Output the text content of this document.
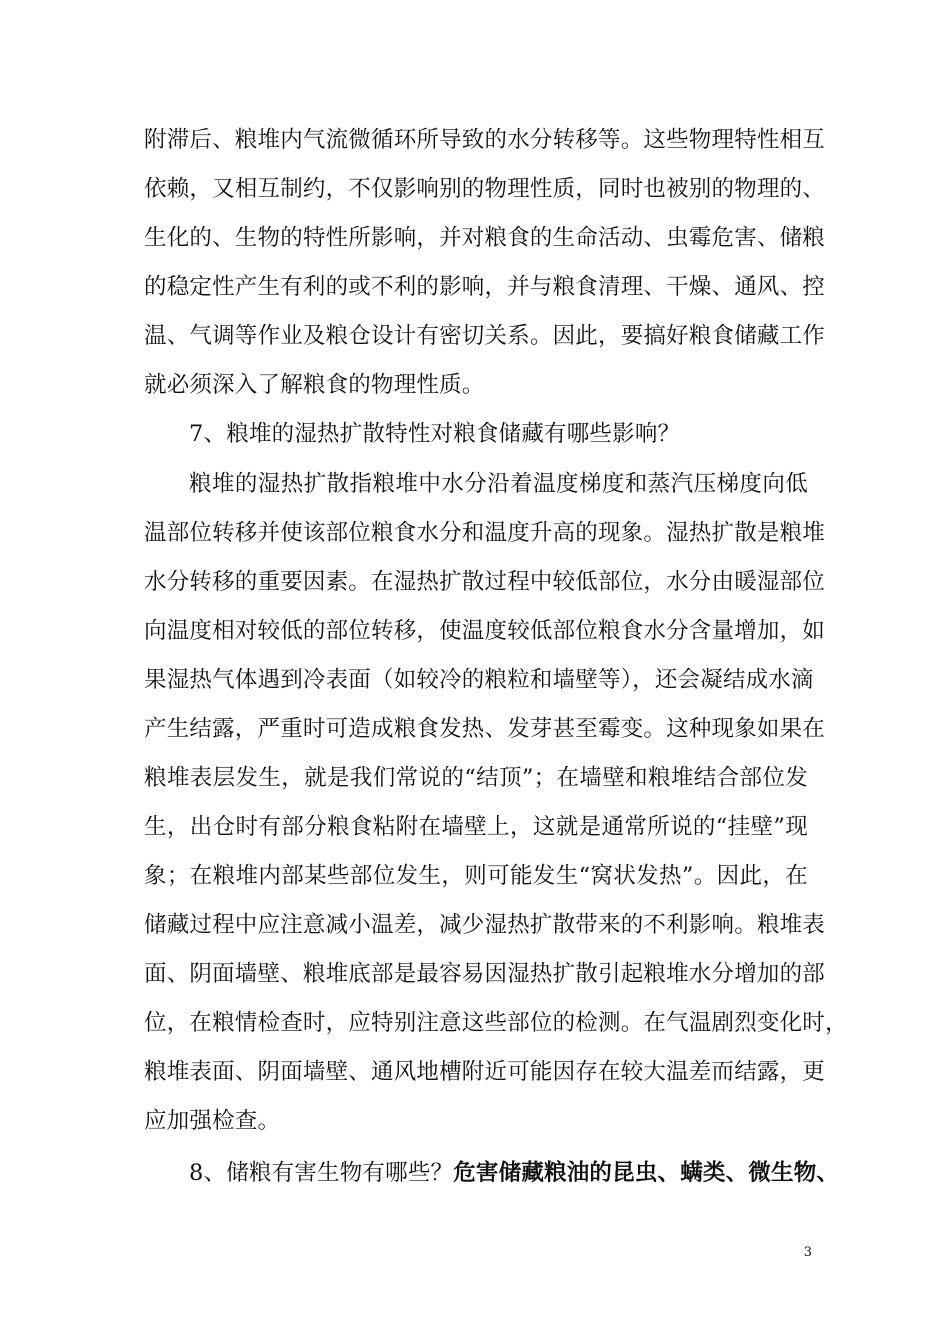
附滞后、粮堆内气流微循环所导致的水分转移等。这些物理特性相互
依赖，又相互制约，不仅影响别的物理性质，同时也被别的物理的、
生化的、生物的特性所影响，并对粮食的生命活动、虫霉危害、储粮
的稳定性产生有利的或不利的影响，并与粮食清理、干燥、通风、控
温、气调等作业及粮仓设计有密切关系。因此，要搞好粮食储藏工作
就必须深入了解粮食的物理性质。
7、粮堆的湿热扩散特性对粮食储藏有哪些影响？
粮堆的湿热扩散指粮堆中水分沿着温度梯度和蒸汽压梯度向低
温部位转移并使该部位粮食水分和温度升高的现象。湿热扩散是粮堆
水分转移的重要因素。在湿热扩散过程中较低部位，水分由暖湿部位
向温度相对较低的部位转移，使温度较低部位粮食水分含量增加，如
果湿热气体遇到冷表面（如较冷的粮粒和墙壁等），还会凝结成水滴
产生结露，严重时可造成粮食发热、发芽甚至霉变。这种现象如果在
粮堆表层发生，就是我们常说的“结顶”；在墙壁和粮堆结合部位发
生，出仓时有部分粮食粘附在墙壁上，这就是通常所说的“挂壁”现
象；在粮堆内部某些部位发生，则可能发生“窝状发热”。因此，在
储藏过程中应注意减小温差，减少湿热扩散带来的不利影响。粮堆表
面、阴面墙壁、粮堆底部是最容易因湿热扩散引起粮堆水分增加的部
位，在粮情检查时，应特别注意这些部位的检测。在气温剧烈变化时，
粮堆表面、阴面墙壁、通风地槽附近可能因存在较大温差而结露，更
应加强检查。
8、储粮有害生物有哪些？危害储藏粮油的昆虫、螨类、微生物、
3
